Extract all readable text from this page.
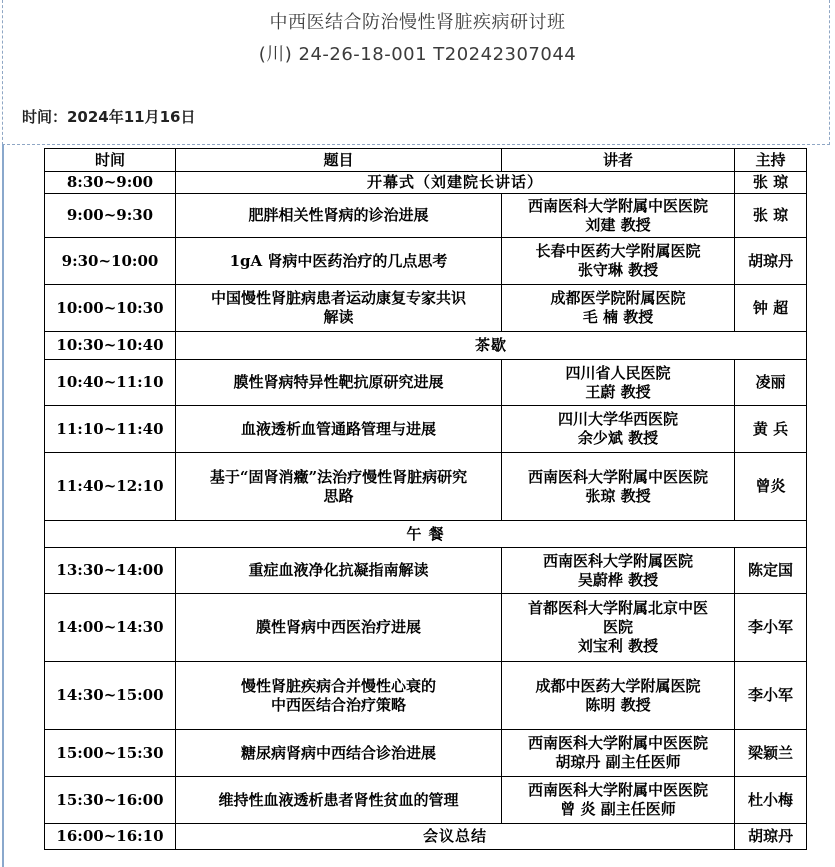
中西医结合防治慢性肾脏疾病研讨班
(川) 24-26-18-001 T20242307044
时间：2024年11月16日
时间	题目	讲者	主持
8:30~9:00	开幕式（刘建院长讲话）		张 琼
9:00~9:30	肥胖相关性肾病的诊治进展	西南医科大学附属中医医院
刘建 教授	张 琼
9:30~10:00	1gA 肾病中医药治疗的几点思考	长春中医药大学附属医院
张守琳 教授	胡琼丹
10:00~10:30	中国慢性肾脏病患者运动康复专家共识
解读	成都医学院附属医院
毛 楠 教授	钟 超
10:30~10:40	茶歇		
10:40~11:10	膜性肾病特异性靶抗原研究进展	四川省人民医院
王蔚 教授	凌丽
11:10~11:40	血液透析血管通路管理与进展	四川大学华西医院
余少斌 教授	黄 兵
11:40~12:10	基于“固肾消癥”法治疗慢性肾脏病研究
思路	西南医科大学附属中医医院
张琼 教授	曾炎
午 餐			
13:30~14:00	重症血液净化抗凝指南解读	西南医科大学附属医院
吴蔚桦 教授	陈定国
14:00~14:30	膜性肾病中西医治疗进展	首都医科大学附属北京中医
医院
刘宝利 教授	李小军
14:30~15:00	慢性肾脏疾病合并慢性心衰的
中西医结合治疗策略	成都中医药大学附属医院
陈明 教授	李小军
15:00~15:30	糖尿病肾病中西结合诊治进展	西南医科大学附属中医医院
胡琼丹 副主任医师	梁颖兰
15:30~16:00	维持性血液透析患者肾性贫血的管理	西南医科大学附属中医医院
曾 炎 副主任医师	杜小梅
16:00~16:10	会议总结		胡琼丹
